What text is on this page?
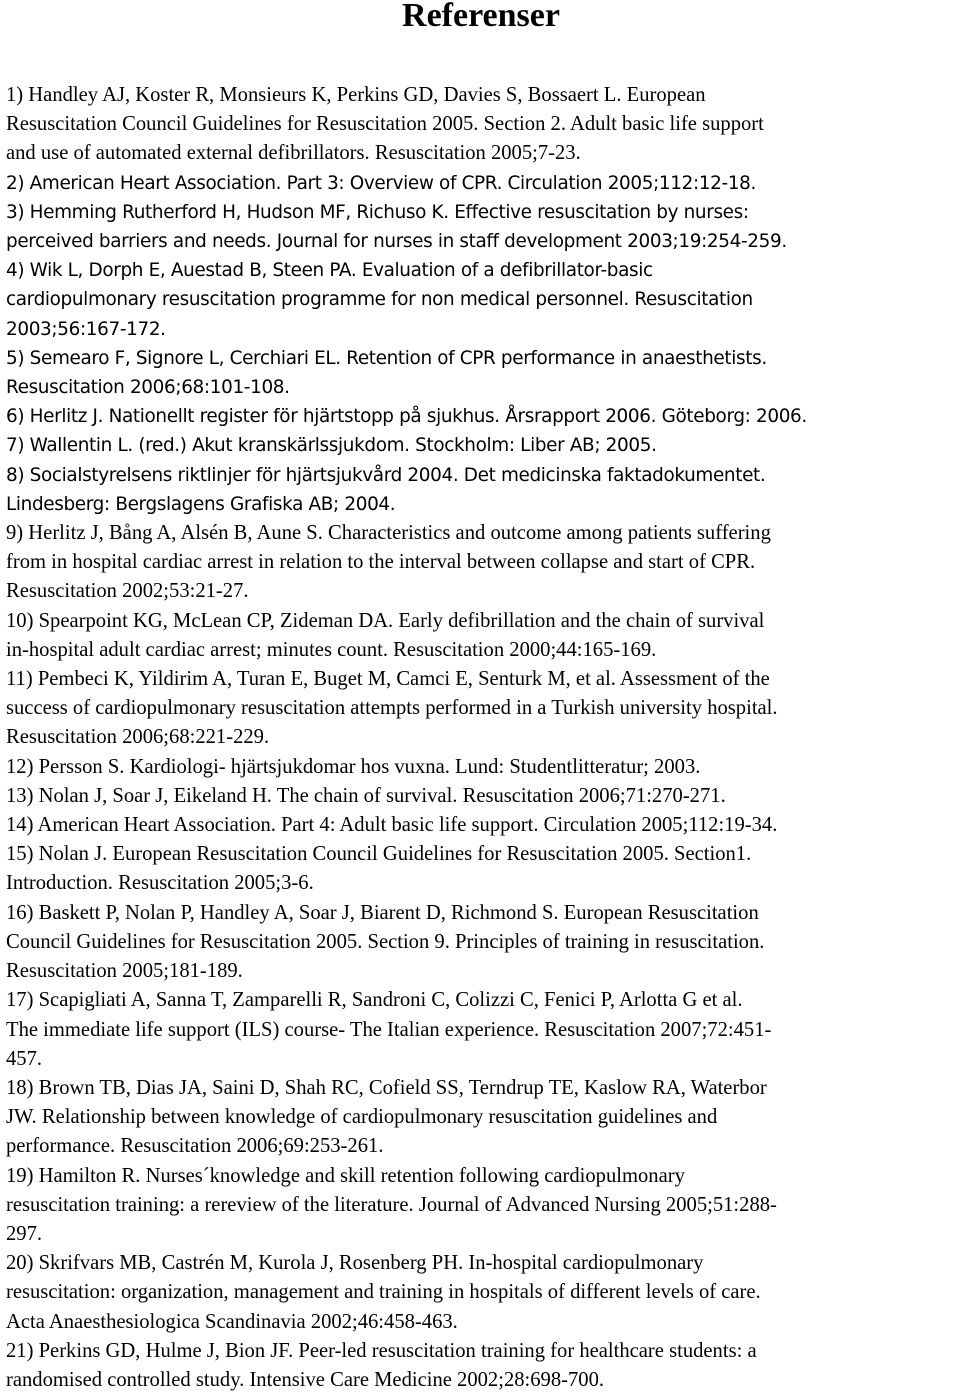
Referenser
1) Handley AJ, Koster R, Monsieurs K, Perkins GD, Davies S, Bossaert L. European
Resuscitation Council Guidelines for Resuscitation 2005. Section 2. Adult basic life support
and use of automated external defibrillators. Resuscitation 2005;7-23.
2) American Heart Association. Part 3: Overview of CPR. Circulation 2005;112:12-18.
3) Hemming Rutherford H, Hudson MF, Richuso K. Effective resuscitation by nurses:
perceived barriers and needs. Journal for nurses in staff development 2003;19:254-259.
4) Wik L, Dorph E, Auestad B, Steen PA. Evaluation of a defibrillator-basic
cardiopulmonary resuscitation programme for non medical personnel. Resuscitation
2003;56:167-172.
5) Semearo F, Signore L, Cerchiari EL. Retention of CPR performance in anaesthetists.
Resuscitation 2006;68:101-108.
6) Herlitz J. Nationellt register för hjärtstopp på sjukhus. Årsrapport 2006. Göteborg: 2006.
7) Wallentin L. (red.) Akut kranskärlssjukdom. Stockholm: Liber AB; 2005.
8) Socialstyrelsens riktlinjer för hjärtsjukvård 2004. Det medicinska faktadokumentet.
Lindesberg: Bergslagens Grafiska AB; 2004.
9) Herlitz J, Bång A, Alsén B, Aune S. Characteristics and outcome among patients suffering
from in hospital cardiac arrest in relation to the interval between collapse and start of CPR.
Resuscitation 2002;53:21-27.
10) Spearpoint KG, McLean CP, Zideman DA. Early defibrillation and the chain of survival
in-hospital adult cardiac arrest; minutes count. Resuscitation 2000;44:165-169.
11) Pembeci K, Yildirim A, Turan E, Buget M, Camci E, Senturk M, et al. Assessment of the
success of cardiopulmonary resuscitation attempts performed in a Turkish university hospital.
Resuscitation 2006;68:221-229.
12) Persson S. Kardiologi- hjärtsjukdomar hos vuxna. Lund: Studentlitteratur; 2003.
13) Nolan J, Soar J, Eikeland H. The chain of survival. Resuscitation 2006;71:270-271.
14) American Heart Association. Part 4: Adult basic life support. Circulation 2005;112:19-34.
15) Nolan J. European Resuscitation Council Guidelines for Resuscitation 2005. Section1.
Introduction. Resuscitation 2005;3-6.
16) Baskett P, Nolan P, Handley A, Soar J, Biarent D, Richmond S. European Resuscitation
Council Guidelines for Resuscitation 2005. Section 9. Principles of training in resuscitation.
Resuscitation 2005;181-189.
17) Scapigliati A, Sanna T, Zamparelli R, Sandroni C, Colizzi C, Fenici P, Arlotta G et al.
The immediate life support (ILS) course- The Italian experience. Resuscitation 2007;72:451-
457.
18) Brown TB, Dias JA, Saini D, Shah RC, Cofield SS, Terndrup TE, Kaslow RA, Waterbor
JW. Relationship between knowledge of cardiopulmonary resuscitation guidelines and
performance. Resuscitation 2006;69:253-261.
19) Hamilton R. Nurses´knowledge and skill retention following cardiopulmonary
resuscitation training: a rereview of the literature. Journal of Advanced Nursing 2005;51:288-
297.
20) Skrifvars MB, Castrén M, Kurola J, Rosenberg PH. In-hospital cardiopulmonary
resuscitation: organization, management and training in hospitals of different levels of care.
Acta Anaesthesiologica Scandinavia 2002;46:458-463.
21) Perkins GD, Hulme J, Bion JF. Peer-led resuscitation training for healthcare students: a
randomised controlled study. Intensive Care Medicine 2002;28:698-700.
